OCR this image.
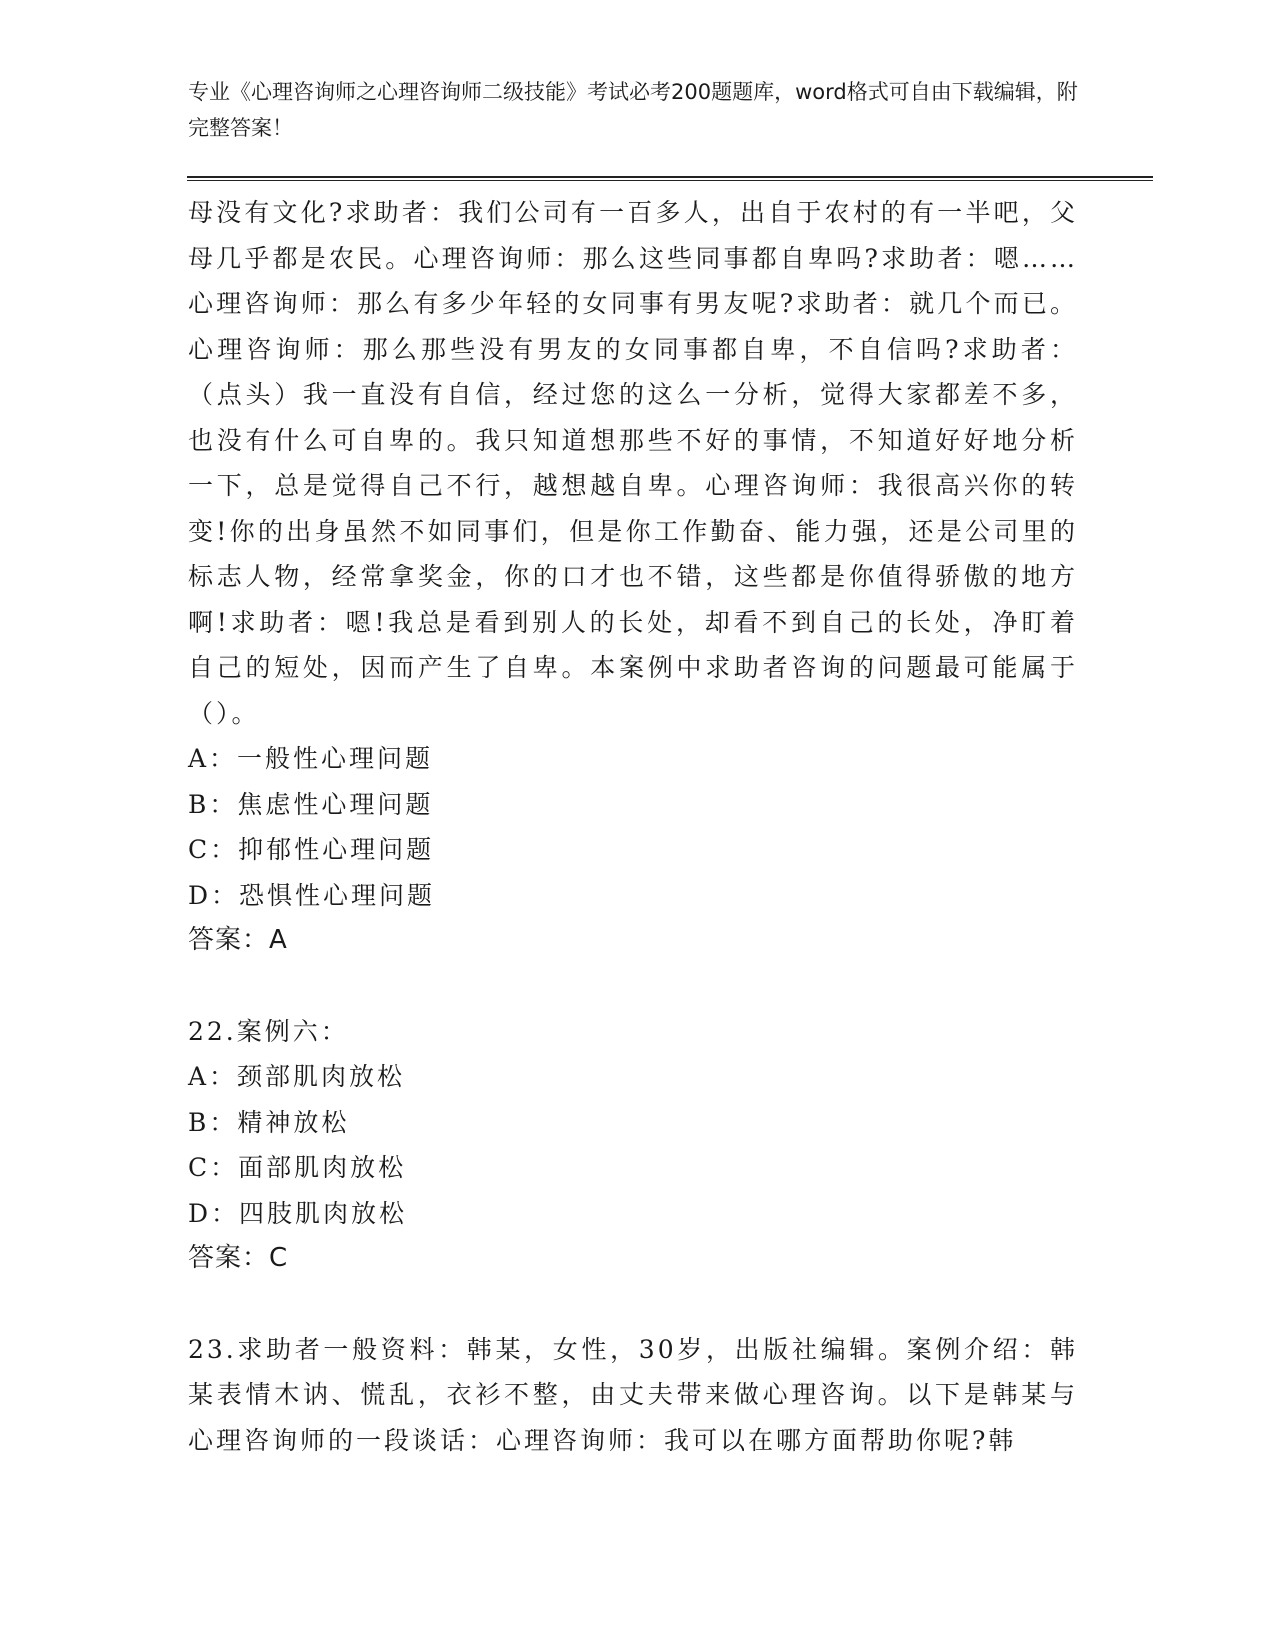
专业《心理咨询师之心理咨询师二级技能》考试必考200题题库，word格式可自由下载编辑，附完整答案！

母没有文化?求助者：我们公司有一百多人，出自于农村的有一半吧，父母几乎都是农民。心理咨询师：那么这些同事都自卑吗?求助者：嗯……心理咨询师：那么有多少年轻的女同事有男友呢?求助者：就几个而已。心理咨询师：那么那些没有男友的女同事都自卑，不自信吗?求助者：（点头）我一直没有自信，经过您的这么一分析，觉得大家都差不多，也没有什么可自卑的。我只知道想那些不好的事情，不知道好好地分析一下，总是觉得自己不行，越想越自卑。心理咨询师：我很高兴你的转变!你的出身虽然不如同事们，但是你工作勤奋、能力强，还是公司里的标志人物，经常拿奖金，你的口才也不错，这些都是你值得骄傲的地方啊!求助者：嗯!我总是看到别人的长处，却看不到自己的长处，净盯着自己的短处，因而产生了自卑。本案例中求助者咨询的问题最可能属于（）。

A：一般性心理问题

B：焦虑性心理问题

C：抑郁性心理问题

D：恐惧性心理问题

答案：A

22.案例六：

A：颈部肌肉放松

B：精神放松

C：面部肌肉放松

D：四肢肌肉放松

答案：C

23.求助者一般资料：韩某，女性，30岁，出版社编辑。案例介绍：韩某表情木讷、慌乱，衣衫不整，由丈夫带来做心理咨询。以下是韩某与心理咨询师的一段谈话：心理咨询师：我可以在哪方面帮助你呢?韩
